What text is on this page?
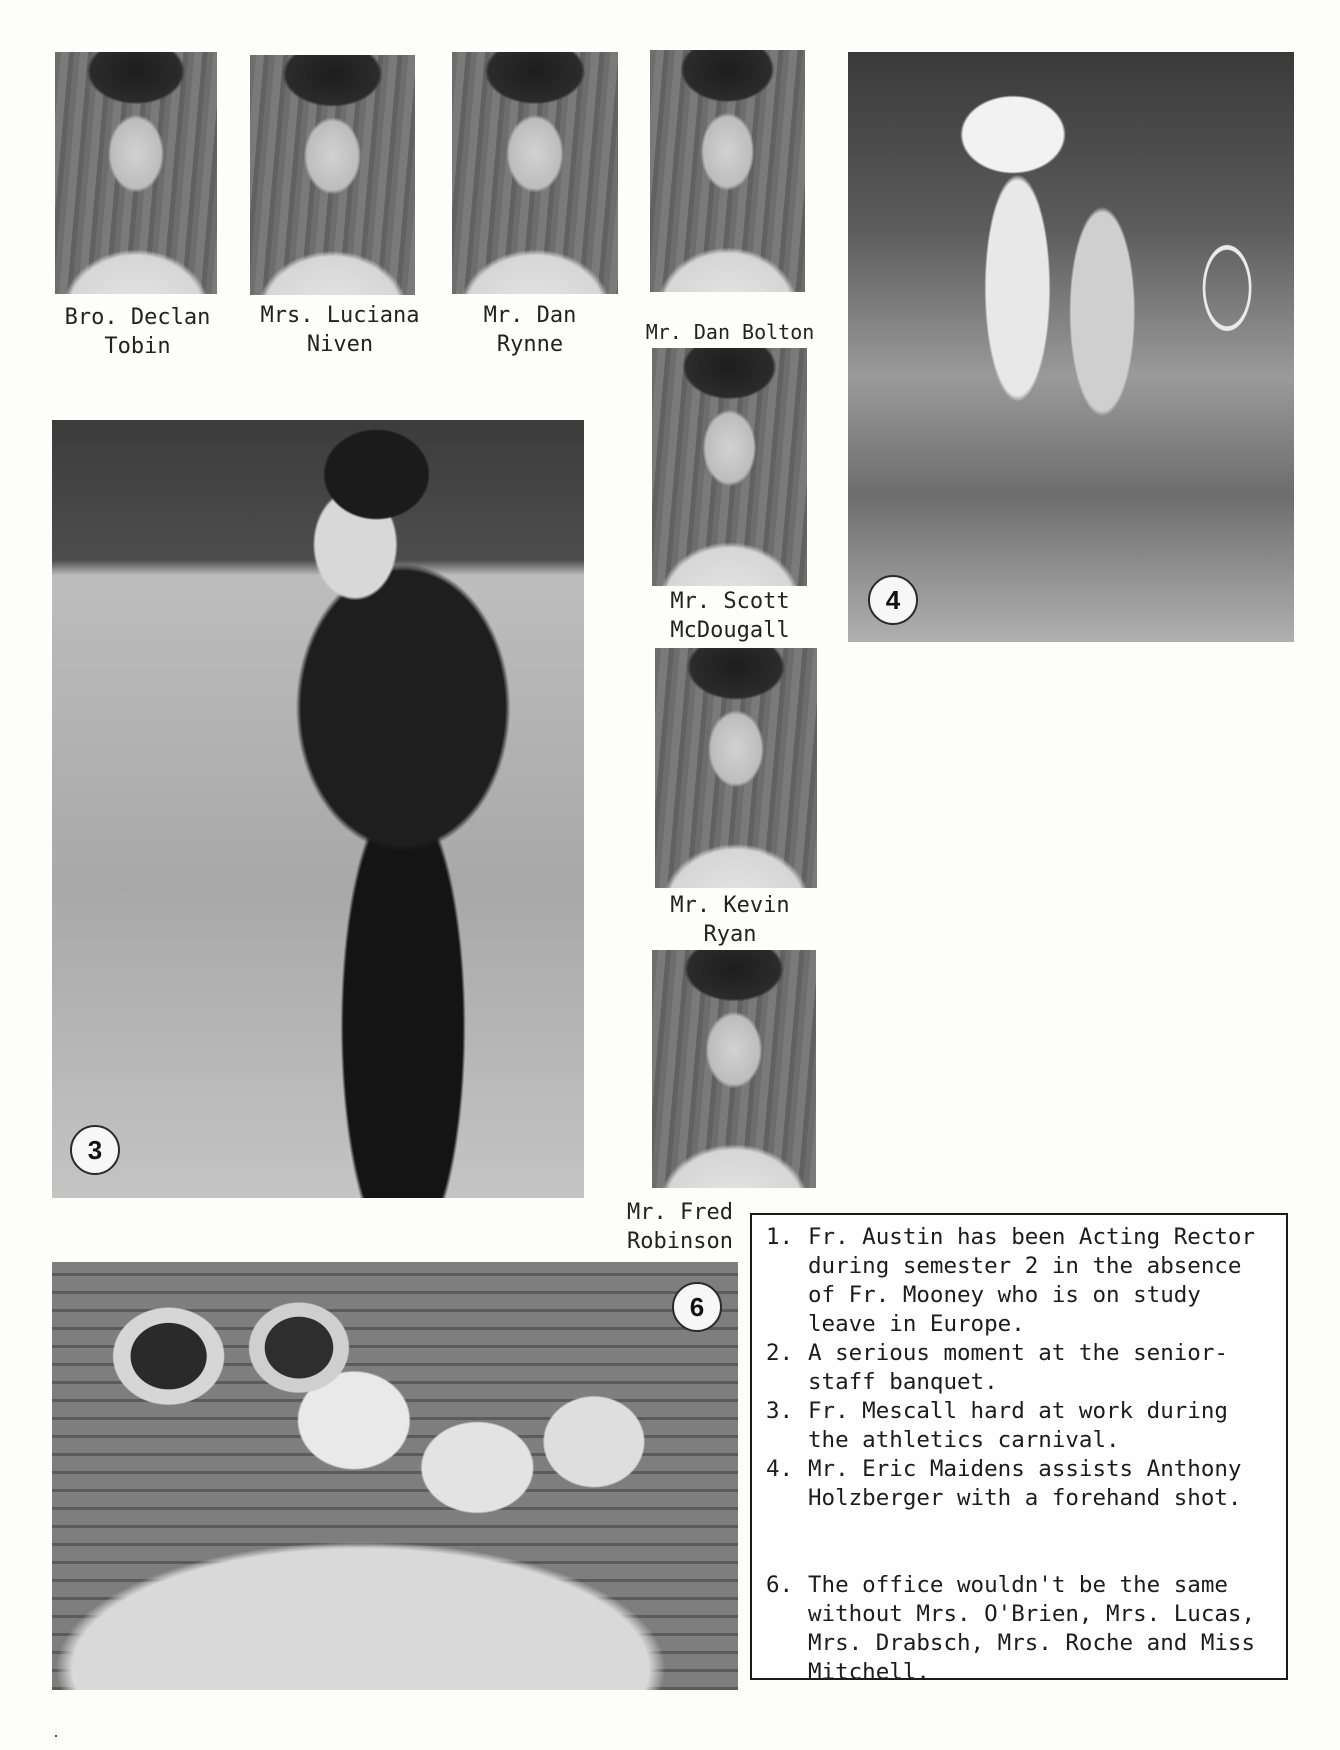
Bro. Declan
Tobin
Mrs. Luciana
Niven
Mr. Dan
Rynne	Mr. Dan Bolton
4
3
Mr. Scott
McDougall
Mr. Kevin
Ryan
Mr. Fred
Robinson
6
1. Fr. Austin has been Acting Rector during semester 2 in the absence of Fr. Mooney who is on study leave in Europe.
2. A serious moment at the senior-staff banquet.
3. Fr. Mescall hard at work during the athletics carnival.
4. Mr. Eric Maidens assists Anthony Holzberger with a forehand shot.
6. The office wouldn't be the same without Mrs. O'Brien, Mrs. Lucas, Mrs. Drabsch, Mrs. Roche and Miss Mitchell.
